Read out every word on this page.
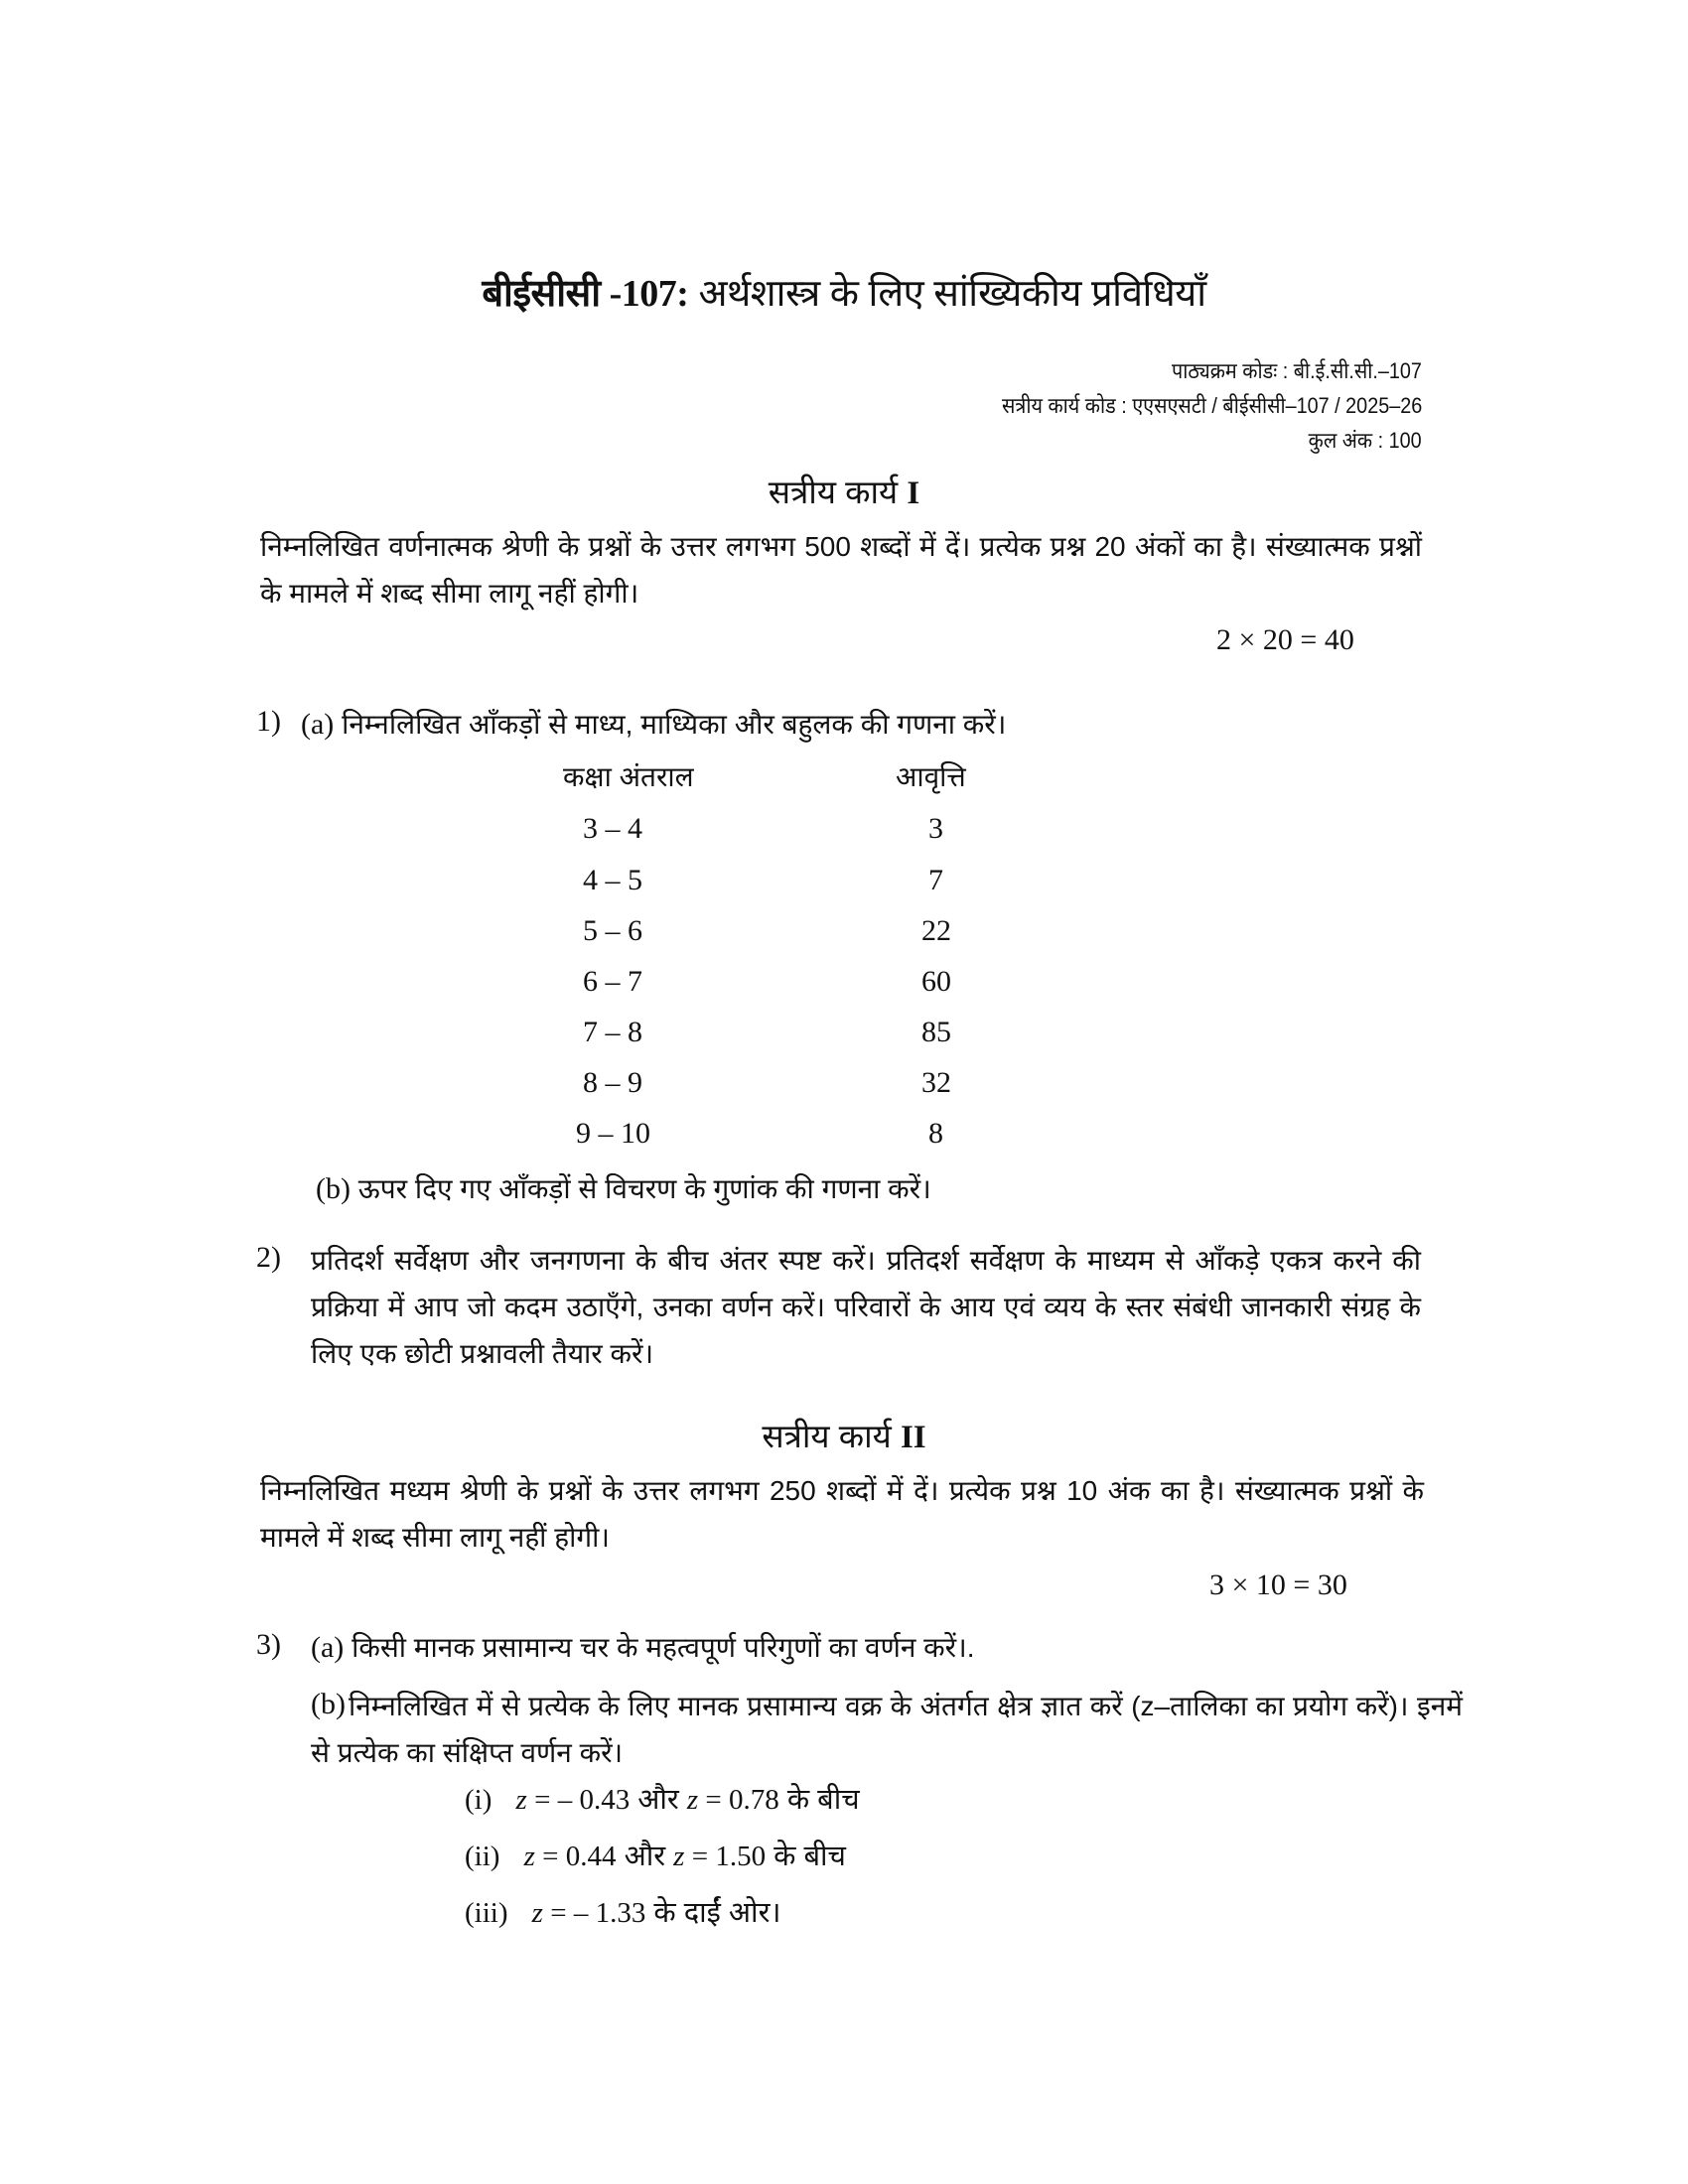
बीईसीसी -107: अर्थशास्त्र के लिए सांख्यिकीय प्रविधियाँ
पाठ्यक्रम कोडः : बी.ई.सी.सी.–107
सत्रीय कार्य कोड : एएसएसटी / बीईसीसी–107 / 2025–26
कुल अंक : 100
सत्रीय कार्य I
निम्नलिखित वर्णनात्मक श्रेणी के प्रश्नों के उत्तर लगभग 500 शब्दों में दें। प्रत्येक प्रश्न 20 अंकों का है। संख्यात्मक प्रश्नों के मामले में शब्द सीमा लागू नहीं होगी।
2 × 20 = 40
1) (a) निम्नलिखित आँकड़ों से माध्य, माध्यिका और बहुलक की गणना करें।
कक्षा अंतराल	आवृत्ति
3 – 4	3
4 – 5	7
5 – 6	22
6 – 7	60
7 – 8	85
8 – 9	32
9 – 10	8
(b) ऊपर दिए गए आँकड़ों से विचरण के गुणांक की गणना करें।
2) प्रतिदर्श सर्वेक्षण और जनगणना के बीच अंतर स्पष्ट करें। प्रतिदर्श सर्वेक्षण के माध्यम से आँकड़े एकत्र करने की प्रक्रिया में आप जो कदम उठाएँगे, उनका वर्णन करें। परिवारों के आय एवं व्यय के स्तर संबंधी जानकारी संग्रह के लिए एक छोटी प्रश्नावली तैयार करें।
सत्रीय कार्य II
निम्नलिखित मध्यम श्रेणी के प्रश्नों के उत्तर लगभग 250 शब्दों में दें। प्रत्येक प्रश्न 10 अंक का है। संख्यात्मक प्रश्नों के मामले में शब्द सीमा लागू नहीं होगी।
3 × 10 = 30
3) (a) किसी मानक प्रसामान्य चर के महत्वपूर्ण परिगुणों का वर्णन करें।.
(b) निम्नलिखित में से प्रत्येक के लिए मानक प्रसामान्य वक्र के अंतर्गत क्षेत्र ज्ञात करें (z–तालिका का प्रयोग करें)। इनमें से प्रत्येक का संक्षिप्त वर्णन करें।
(i) z = – 0.43 और z = 0.78 के बीच
(ii) z = 0.44 और z = 1.50 के बीच
(iii) z = – 1.33 के दाईं ओर।
